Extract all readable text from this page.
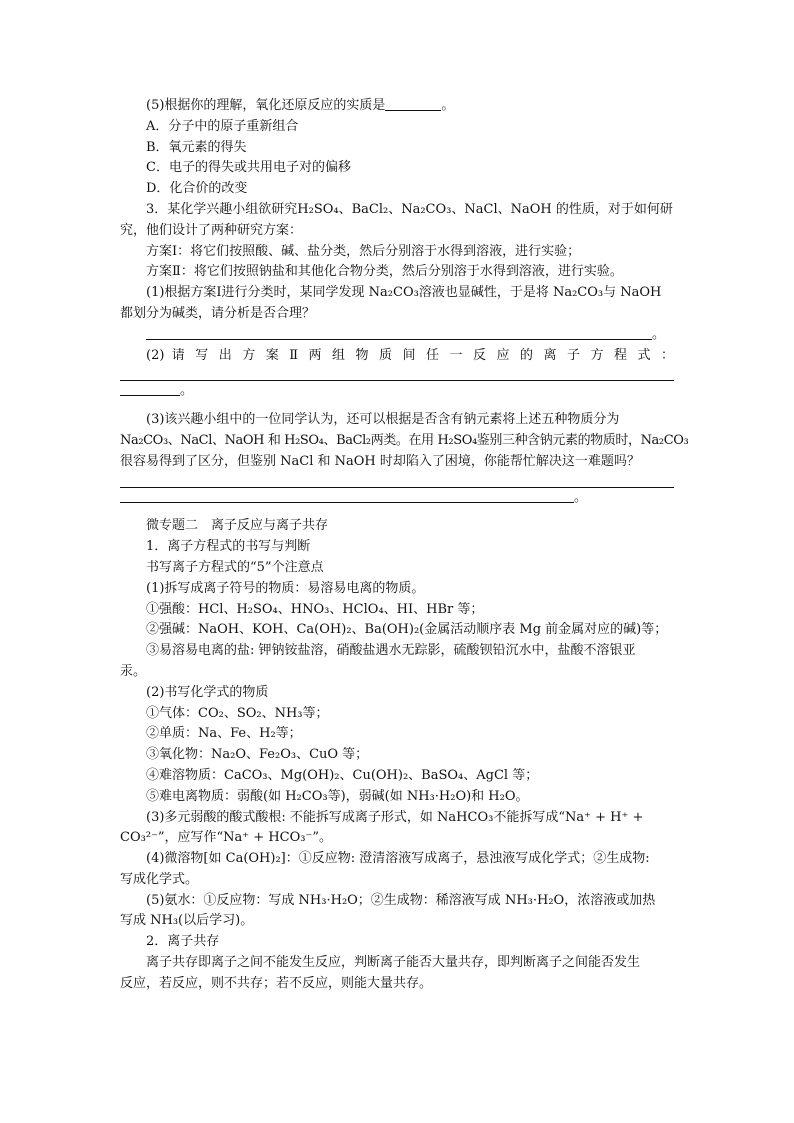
(5)根据你的理解，氧化还原反应的实质是	。

A．分子中的原子重新组合

B．氧元素的得失

C．电子的得失或共用电子对的偏移

D．化合价的改变

3．某化学兴趣小组欲研究H₂SO₄、BaCl₂、Na₂CO₃、NaCl、NaOH 的性质，对于如何研

究，他们设计了两种研究方案：

方案Ⅰ：将它们按照酸、碱、盐分类，然后分别溶于水得到溶液，进行实验；

方案Ⅱ：将它们按照钠盐和其他化合物分类，然后分别溶于水得到溶液，进行实验。

(1)根据方案Ⅰ进行分类时，某同学发现 Na₂CO₃溶液也显碱性，于是将 Na₂CO₃与 NaOH

都划分为碱类，请分析是否合理？

。

(2) 请 写 出 方 案 Ⅱ 两 组 物 质 间 任 一 反 应 的 离 子 方 程 式 ：

。

(3)该兴趣小组中的一位同学认为，还可以根据是否含有钠元素将上述五种物质分为

Na₂CO₃、NaCl、NaOH 和 H₂SO₄、BaCl₂两类。在用 H₂SO₄鉴别三种含钠元素的物质时，Na₂CO₃

很容易得到了区分，但鉴别 NaCl 和 NaOH 时却陷入了困境，你能帮忙解决这一难题吗？

。

微专题二　离子反应与离子共存

1．离子方程式的书写与判断

书写离子方程式的“5”个注意点

(1)拆写成离子符号的物质：易溶易电离的物质。

①强酸：HCl、H₂SO₄、HNO₃、HClO₄、HI、HBr 等；

②强碱：NaOH、KOH、Ca(OH)₂、Ba(OH)₂(金属活动顺序表 Mg 前金属对应的碱)等；

③易溶易电离的盐: 钾钠铵盐溶，硝酸盐遇水无踪影，硫酸钡铅沉水中，盐酸不溶银亚

汞。

(2)书写化学式的物质

①气体：CO₂、SO₂、NH₃等；

②单质：Na、Fe、H₂等；

③氧化物：Na₂O、Fe₂O₃、CuO 等；

④难溶物质：CaCO₃、Mg(OH)₂、Cu(OH)₂、BaSO₄、AgCl 等；

⑤难电离物质：弱酸(如 H₂CO₃等)，弱碱(如 NH₃·H₂O)和 H₂O。

(3)多元弱酸的酸式酸根: 不能拆写成离子形式，如 NaHCO₃不能拆写成“Na⁺ + H⁺ +

CO₃²⁻”，应写作“Na⁺ + HCO₃⁻”。

(4)微溶物[如 Ca(OH)₂]：①反应物: 澄清溶液写成离子，悬浊液写成化学式；②生成物:

写成化学式。

(5)氨水：①反应物：写成 NH₃·H₂O；②生成物：稀溶液写成 NH₃·H₂O，浓溶液或加热

写成 NH₃(以后学习)。

2．离子共存

离子共存即离子之间不能发生反应，判断离子能否大量共存，即判断离子之间能否发生

反应，若反应，则不共存；若不反应，则能大量共存。
